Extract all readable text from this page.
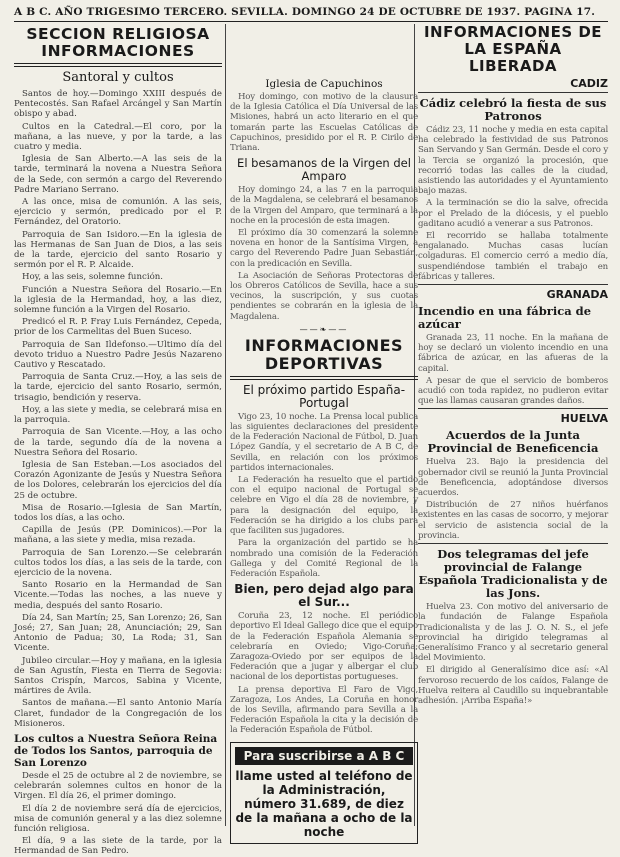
A B C. AÑO TRIGESIMO TERCERO. SEVILLA. DOMINGO 24 DE OCTUBRE DE 1937. PAGINA 17.
SECCION RELIGIOSA INFORMACIONES
Santoral y cultos

Santos de hoy.—Domingo XXIII después de Pentecostés. San Rafael Arcángel y San Martín obispo y abad.

Cultos en la Catedral.—El coro, por la mañana, a las nueve, y por la tarde, a las cuatro y media.

Iglesia de San Alberto.—A las seis de la tarde, terminará la novena a Nuestra Señora de la Sede, con sermón a cargo del Reverendo Padre Mariano Serrano.

A las once, misa de comunión. A las seis, ejercicio y sermón, predicado por el P. Fernández, del Oratorio.

Parroquia de San Isidoro.—En la iglesia de las Hermanas de San Juan de Dios, a las seis de la tarde, ejercicio del santo Rosario y sermón por el R. P. Alcaide.

Hoy, a las seis, solemne función.

Función a Nuestra Señora del Rosario.—En la iglesia de la Hermandad, hoy, a las diez, solemne función a la Virgen del Rosario.

Predicó el R. P. Fray Luis Fernández, Cepeda, prior de los Carmelitas del Buen Suceso.

Parroquia de San Ildefonso.—Ultimo día del devoto triduo a Nuestro Padre Jesús Nazareno Cautivo y Rescatado.

Parroquia de Santa Cruz.—Hoy, a las seis de la tarde, ejercicio del santo Rosario, sermón, trisagio, bendición y reserva.

Hoy, a las siete y media, se celebrará misa en la parroquia.

Parroquia de San Vicente.—Hoy, a las ocho de la tarde, segundo día de la novena a Nuestra Señora del Rosario.

Iglesia de San Esteban.—Los asociados del Corazón Agonizante de Jesús y Nuestra Señora de los Dolores, celebrarán los ejercicios del día 25 de octubre.

Misa de Rosario.—Iglesia de San Martín, todos los días, a las ocho.

Capilla de Jesús (PP. Dominicos).—Por la mañana, a las siete y media, misa rezada.

Parroquia de San Lorenzo.—Se celebrarán cultos todos los días, a las seis de la tarde, con ejercicio de la novena.

Santo Rosario en la Hermandad de San Vicente.—Todas las noches, a las nueve y media, después del santo Rosario.

Día 24, San Martín; 25, San Lorenzo; 26, San José; 27, San Juan; 28, Anunciación; 29, San Antonio de Padua; 30, La Roda; 31, San Vicente.

Jubileo circular.—Hoy y mañana, en la iglesia de San Agustín, Fiesta en Tierra de Segovia: Santos Crispín, Marcos, Sabina y Vicente, mártires de Avila.

Santos de mañana.—El santo Antonio María Claret, fundador de la Congregación de los Misioneros.

Los cultos a Nuestra Señora Reina de Todos los Santos, parroquia de San Lorenzo

Desde el 25 de octubre al 2 de noviembre, se celebrarán solemnes cultos en honor de la Virgen. El día 26, el primer domingo.

El día 2 de noviembre será día de ejercicios, misa de comunión general y a las diez solemne función religiosa.

El día, 9 a las siete de la tarde, por la Hermandad de San Pedro.

Iglesia de Capuchinos

Hoy domingo, con motivo de la clausura de la Iglesia Católica el Día Universal de las Misiones, habrá un acto literario en el que tomarán parte las Escuelas Católicas de Capuchinos, presidido por el R. P. Cirilo de Triana.

El besamanos de la Virgen del Amparo

Hoy domingo 24, a las 7 en la parroquia de la Magdalena, se celebrará el besamanos de la Virgen del Amparo, que terminará a la noche en la procesión de esta imagen.

El próximo día 30 comenzará la solemne novena en honor de la Santísima Virgen, a cargo del Reverendo Padre Juan Sebastián, con la predicación en Sevilla.

La Asociación de Señoras Protectoras de los Obreros Católicos de Sevilla, hace a sus vecinos, la suscripción, y sus cuotas pendientes se cobrarán en la iglesia de la Magdalena.

——❧——
INFORMACIONES DEPORTIVAS
El próximo partido España-Portugal

Vigo 23, 10 noche. La Prensa local publica las siguientes declaraciones del presidente de la Federación Nacional de Fútbol, D. Juan López Gandía, y el secretario de A B C, de Sevilla, en relación con los próximos partidos internacionales.

La Federación ha resuelto que el partido con el equipo nacional de Portugal se celebre en Vigo el día 28 de noviembre, y para la designación del equipo, la Federación se ha dirigido a los clubs para que faciliten sus jugadores.

Para la organización del partido se ha nombrado una comisión de la Federación Gallega y del Comité Regional de la Federación Española.

Bien, pero dejad algo para el Sur...

Coruña 23, 12 noche. El periódico deportivo El Ideal Gallego dice que el equipo de la Federación Española Alemania se celebraría en Oviedo; Vigo-Coruña; Zaragoza-Oviedo por ser equipos de la Federación que a jugar y albergar el club nacional de los deportistas portugueses.

La prensa deportiva El Faro de Vigo, Zaragoza, Los Andes, La Coruña en honor de los Sevilla, afirmando para Sevilla a la Federación Española la cita y la decisión de la Federación Española de Fútbol.

Para suscribirse a A B C
llame usted al teléfono de la Administración, número 31.689, de diez de la mañana a ocho de la noche
INFORMACIONES DE LA ESPAÑA LIBERADA
CADIZ
Cádiz celebró la fiesta de sus Patronos

Cádiz 23, 11 noche y media en esta capital ha celebrado la festividad de sus Patronos San Servando y San Germán. Desde el coro y la Tercia se organizó la procesión, que recorrió todas las calles de la ciudad, asistiendo las autoridades y el Ayuntamiento bajo mazas.

A la terminación se dio la salve, ofrecida por el Prelado de la diócesis, y el pueblo gaditano acudió a venerar a sus Patronos.

El recorrido se hallaba totalmente engalanado. Muchas casas lucían colgaduras. El comercio cerró a medio día, suspendiéndose también el trabajo en fábricas y talleres.

GRANADA
Incendio en una fábrica de azúcar

Granada 23, 11 noche. En la mañana de hoy se declaró un violento incendio en una fábrica de azúcar, en las afueras de la capital.

A pesar de que el servicio de bomberos acudió con toda rapidez, no pudieron evitar que las llamas causaran grandes daños.

HUELVA
Acuerdos de la Junta Provincial de Beneficencia

Huelva 23. Bajo la presidencia del gobernador civil se reunió la Junta Provincial de Beneficencia, adoptándose diversos acuerdos.

Distribución de 27 niños huérfanos existentes en las casas de socorro, y mejorar el servicio de asistencia social de la provincia.

Dos telegramas del jefe provincial de Falange Española Tradicionalista y de las Jons.

Huelva 23. Con motivo del aniversario de la fundación de Falange Española Tradicionalista y de las J. O. N. S., el jefe provincial ha dirigido telegramas al Generalísimo Franco y al secretario general del Movimiento.

El dirigido al Generalísimo dice así: «Al fervoroso recuerdo de los caídos, Falange de Huelva reitera al Caudillo su inquebrantable adhesión. ¡Arriba España!»
